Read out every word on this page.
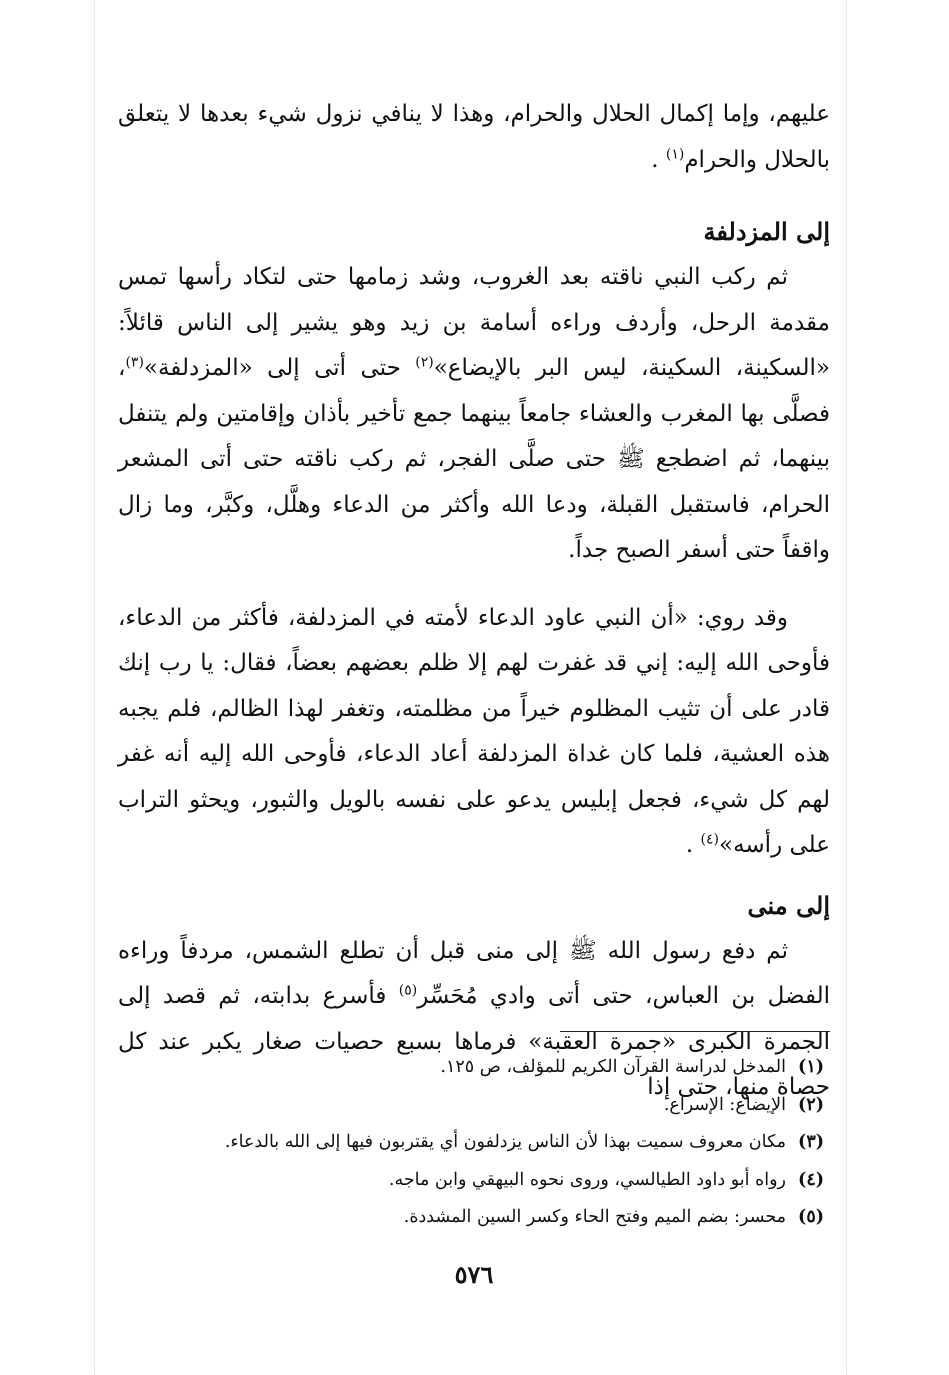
عليهم، وإما إكمال الحلال والحرام، وهذا لا ينافي نزول شيء بعدها لا يتعلق بالحلال والحرام$^{(١)}$ .

إلى المزدلفة

ثم ركب النبي ناقته بعد الغروب، وشد زمامها حتى لتكاد رأسها تمس مقدمة الرحل، وأردف وراءه أسامة بن زيد وهو يشير إلى الناس قائلاً: «السكينة، السكينة، ليس البر بالإيضاع»$^{(٢)}$ حتى أتى إلى «المزدلفة»$^{(٣)}$، فصلَّى بها المغرب والعشاء جامعاً بينهما جمع تأخير بأذان وإقامتين ولم يتنفل بينهما، ثم اضطجع ﷺ حتى صلَّى الفجر، ثم ركب ناقته حتى أتى المشعر الحرام، فاستقبل القبلة، ودعا الله وأكثر من الدعاء وهلَّل، وكبَّر، وما زال واقفاً حتى أسفر الصبح جداً.

وقد روي: «أن النبي عاود الدعاء لأمته في المزدلفة، فأكثر من الدعاء، فأوحى الله إليه: إني قد غفرت لهم إلا ظلم بعضهم بعضاً، فقال: يا رب إنك قادر على أن تثيب المظلوم خيراً من مظلمته، وتغفر لهذا الظالم، فلم يجبه هذه العشية، فلما كان غداة المزدلفة أعاد الدعاء، فأوحى الله إليه أنه غفر لهم كل شيء، فجعل إبليس يدعو على نفسه بالويل والثبور، ويحثو التراب على رأسه»$^{(٤)}$ .

إلى منى

ثم دفع رسول الله ﷺ إلى منى قبل أن تطلع الشمس، مردفاً وراءه الفضل بن العباس، حتى أتى وادي مُحَسِّر$^{(٥)}$ فأسرع بدابته، ثم قصد إلى الجمرة الكبرى «جمرة العقبة» فرماها بسبع حصيات صغار يكبر عند كل حصاة منها، حتى إذا

(١)المدخل لدراسة القرآن الكريم للمؤلف، ص ١٢٥.
(٢)الإيضاع: الإسراع.
(٣)مكان معروف سميت بهذا لأن الناس يزدلفون أي يقتربون فيها إلى الله بالدعاء.
(٤)رواه أبو داود الطيالسي، وروى نحوه البيهقي وابن ماجه.
(٥)محسر: بضم الميم وفتح الحاء وكسر السين المشددة.
٥٧٦
